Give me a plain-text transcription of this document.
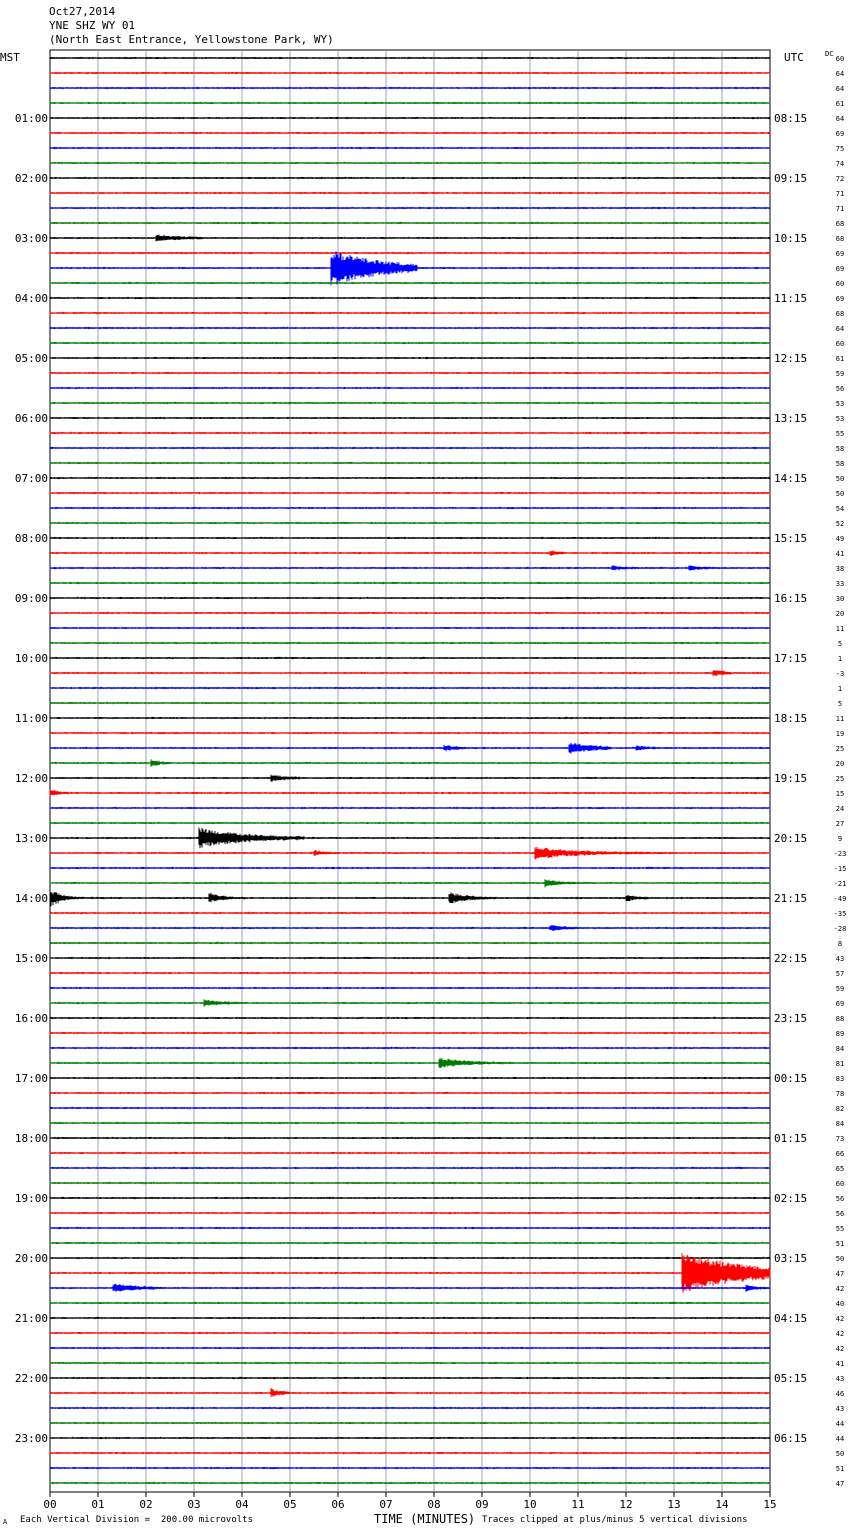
Oct27,2014
YNE SHZ WY 01
(North East Entrance, Yellowstone Park, WY)
60
64
64
61
64
69
75
74
72
71
71
68
68
69
69
60
69
68
64
60
61
59
56
53
53
55
58
58
50
50
54
52
49
41
38
33
30
20
11
5
1
-3
1
5
11
19
25
20
25
15
24
27
9
-23
-15
-21
-49
-35
-28
8
43
57
59
69
88
89
84
81
83
78
82
84
73
66
65
60
56
56
55
51
50
47
42
40
42
42
42
41
43
46
43
44
44
50
51
47
01:00	08:15
02:00	09:15
03:00	10:15
04:00	11:15
05:00	12:15
06:00	13:15
07:00	14:15
08:00	15:15
09:00	16:15
10:00	17:15
11:00	18:15
12:00	19:15
13:00	20:15
14:00	21:15
15:00	22:15
16:00	23:15
17:00	00:15
18:00	01:15
19:00	02:15
20:00	03:15
21:00	04:15
22:00	05:15
23:00	06:15
MST	UTC	DC
00	01	02	03	04	05	06	07	08	09	10	11	12	13	14	15
A Each Vertical Division =  200.00 microvolts	TIME (MINUTES) Traces clipped at plus/minus 5 vertical divisions
